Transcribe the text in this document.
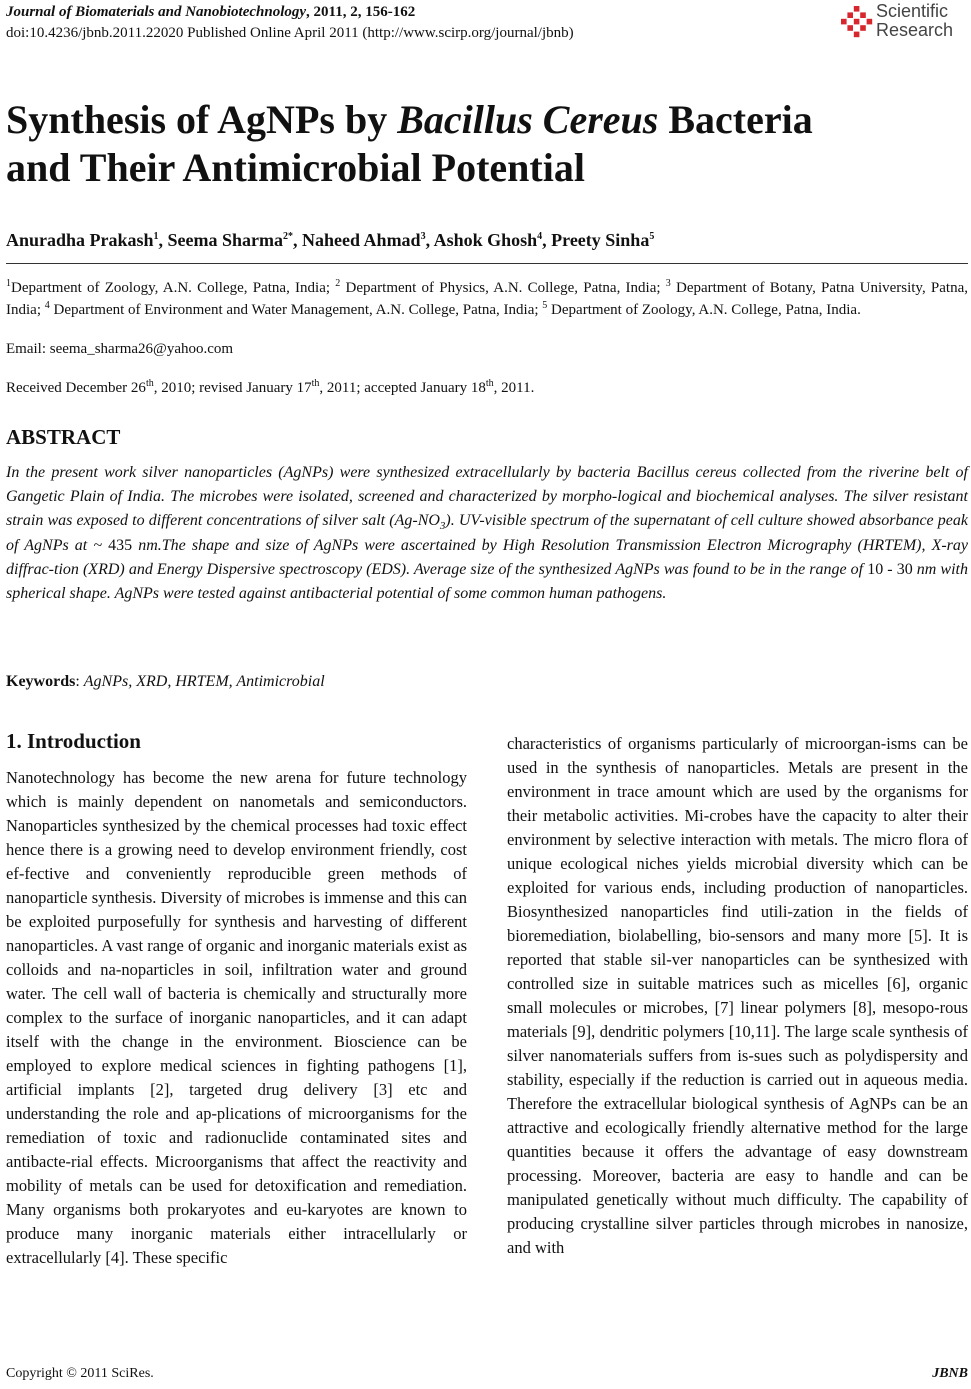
Journal of Biomaterials and Nanobiotechnology, 2011, 2, 156-162
doi:10.4236/jbnb.2011.22020 Published Online April 2011 (http://www.scirp.org/journal/jbnb)
Scientific
Research
Synthesis of AgNPs by Bacillus Cereus Bacteria
and Their Antimicrobial Potential
Anuradha Prakash$^1$, Seema Sharma$^{2*}$, Naheed Ahmad$^3$, Ashok Ghosh$^4$, Preety Sinha$^5$
$^1$Department of Zoology, A.N. College, Patna, India; $^2$ Department of Physics, A.N. College, Patna, India; $^3$ Department of Botany, Patna University, Patna, India; $^4$ Department of Environment and Water Management, A.N. College, Patna, India; $^5$ Department of Zoology, A.N. College, Patna, India.
Email: seema_sharma26@yahoo.com
Received December 26th, 2010; revised January 17th, 2011; accepted January 18th, 2011.
ABSTRACT

In the present work silver nanoparticles (AgNPs) were synthesized extracellularly by bacteria Bacillus cereus collected from the riverine belt of Gangetic Plain of India. The microbes were isolated, screened and characterized by morpho-logical and biochemical analyses. The silver resistant strain was exposed to different concentrations of silver salt $(Ag-NO_3)$. UV-visible spectrum of the supernatant of cell culture showed absorbance peak of AgNPs at ~ 435 nm.The shape and size of AgNPs were ascertained by High Resolution Transmission Electron Micrography (HRTEM), X-ray diffrac-tion (XRD) and Energy Dispersive spectroscopy (EDS). Average size of the synthesized AgNPs was found to be in the range of 10 - 30 nm with spherical shape. AgNPs were tested against antibacterial potential of some common human pathogens.

Keywords: AgNPs, XRD, HRTEM, Antimicrobial
1. Introduction

Nanotechnology has become the new arena for future technology which is mainly dependent on nanometals and semiconductors. Nanoparticles synthesized by the chemical processes had toxic effect hence there is a growing need to develop environment friendly, cost ef-fective and conveniently reproducible green methods of nanoparticle synthesis. Diversity of microbes is immense and this can be exploited purposefully for synthesis and harvesting of different nanoparticles. A vast range of organic and inorganic materials exist as colloids and na-noparticles in soil, infiltration water and ground water. The cell wall of bacteria is chemically and structurally more complex to the surface of inorganic nanoparticles, and it can adapt itself with the change in the environment. Bioscience can be employed to explore medical sciences in fighting pathogens [1], artificial implants [2], targeted drug delivery [3] etc and understanding the role and ap-plications of microorganisms for the remediation of toxic and radionuclide contaminated sites and antibacte-rial effects. Microorganisms that affect the reactivity and mobility of metals can be used for detoxification and remediation. Many organisms both prokaryotes and eu-karyotes are known to produce many inorganic materials either intracellularly or extracellularly [4]. These specific

characteristics of organisms particularly of microorgan-isms can be used in the synthesis of nanoparticles. Metals are present in the environment in trace amount which are used by the organisms for their metabolic activities. Mi-crobes have the capacity to alter their environment by selective interaction with metals. The micro flora of unique ecological niches yields microbial diversity which can be exploited for various ends, including production of nanoparticles. Biosynthesized nanoparticles find utili-zation in the fields of bioremediation, biolabelling, bio-sensors and many more [5]. It is reported that stable sil-ver nanoparticles can be synthesized with controlled size in suitable matrices such as micelles [6], organic small molecules or microbes, [7] linear polymers [8], mesopo-rous materials [9], dendritic polymers [10,11]. The large scale synthesis of silver nanomaterials suffers from is-sues such as polydispersity and stability, especially if the reduction is carried out in aqueous media. Therefore the extracellular biological synthesis of AgNPs can be an attractive and ecologically friendly alternative method for the large quantities because it offers the advantage of easy downstream processing. Moreover, bacteria are easy to handle and can be manipulated genetically without much difficulty. The capability of producing crystalline silver particles through microbes in nanosize, and with

Copyright © 2011 SciRes.	JBNB
